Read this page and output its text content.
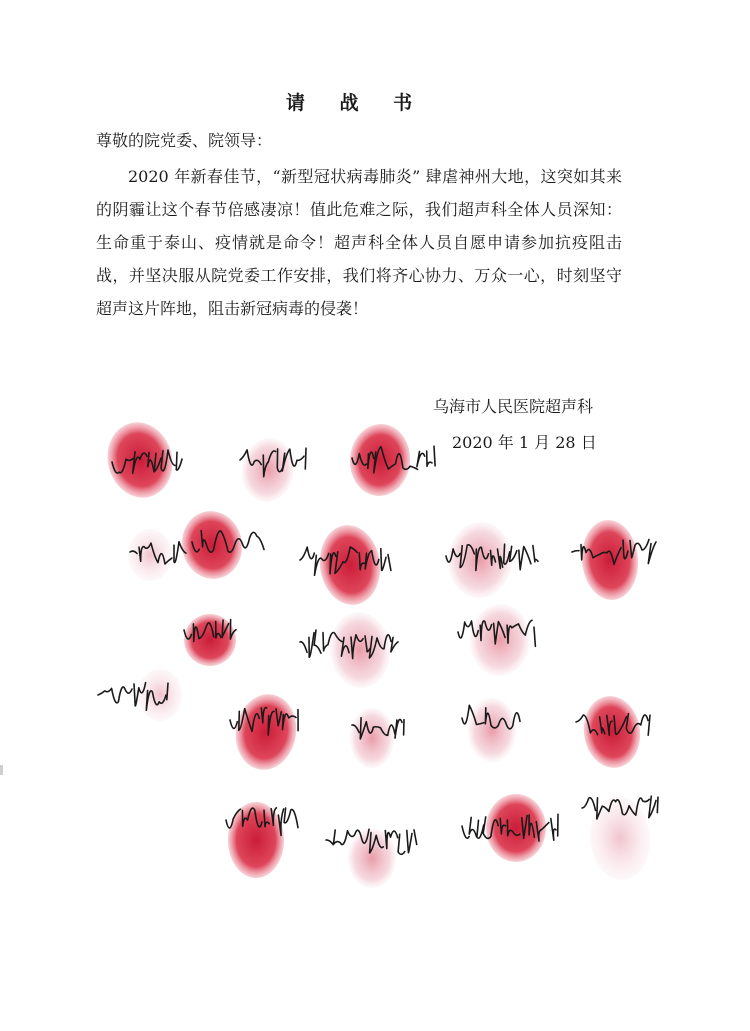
请 战 书
尊敬的院党委、院领导：
2020 年新春佳节，“新型冠状病毒肺炎” 肆虐神州大地，这突如其来的阴霾让这个春节倍感凄凉！值此危难之际，我们超声科全体人员深知：生命重于泰山、疫情就是命令！超声科全体人员自愿申请参加抗疫阻击战，并坚决服从院党委工作安排，我们将齐心协力、万众一心，时刻坚守超声这片阵地，阻击新冠病毒的侵袭！
乌海市人民医院超声科
2020 年 1 月 28 日
